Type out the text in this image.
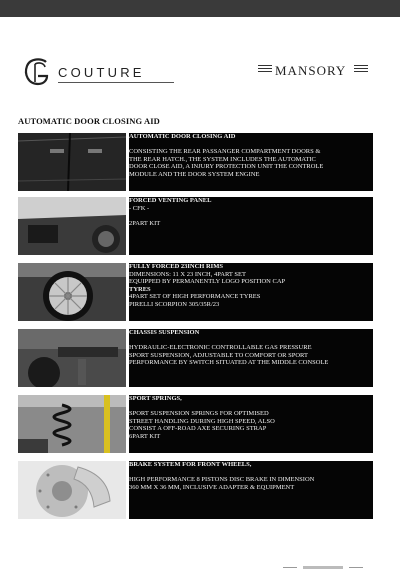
COUTURE	MANSORY
AUTOMATIC DOOR CLOSING AID
AUTOMATIC DOOR CLOSING AID

CONSISTING THE REAR PASSANGER COMPARTMENT DOORS &
THE REAR HATCH., THE SYSTEM INCLUDES THE AUTOMATIC
DOOR CLOSE AID, A INJURY PROTECTION UNIT THE CONTROLE
MODULE AND THE DOOR SYSTEM ENGINE
FORCED VENTING PANEL
- CFK -

2PART KIT
FULLY FORCED 23INCH RIMS
DIMENSIONS: 11 X 23 INCH, 4PART SET
EQUIPPED BY PERMANENTLY LOGO POSITION CAP
TYRES
4PART SET OF HIGH PERFORMANCE TYRES
PIRELLI SCORPION 305/35R/23
CHASSIS SUSPENSION

HYDRAULIC-ELECTRONIC CONTROLLABLE GAS PRESSURE
SPORT SUSPENSION, ADJUSTABLE TO COMFORT OR SPORT
PERFORMANCE BY SWITCH SITUATED AT THE MIDDLE CONSOLE
SPORT SPRINGS,

SPORT SUSPENSION SPRINGS FOR OPTIMISED
STREET HANDLING DURING HIGH SPEED, ALSO
CONSIST A OFF-ROAD AXE SECURING STRAP
6PART KIT
BRAKE SYSTEM FOR FRONT WHEELS,

HIGH PERFORMANCE 8 PISTONS DISC BRAKE IN DIMENSION
360 MM X 36 MM, INCLUSIVE ADAPTER & EQUIPMENT
